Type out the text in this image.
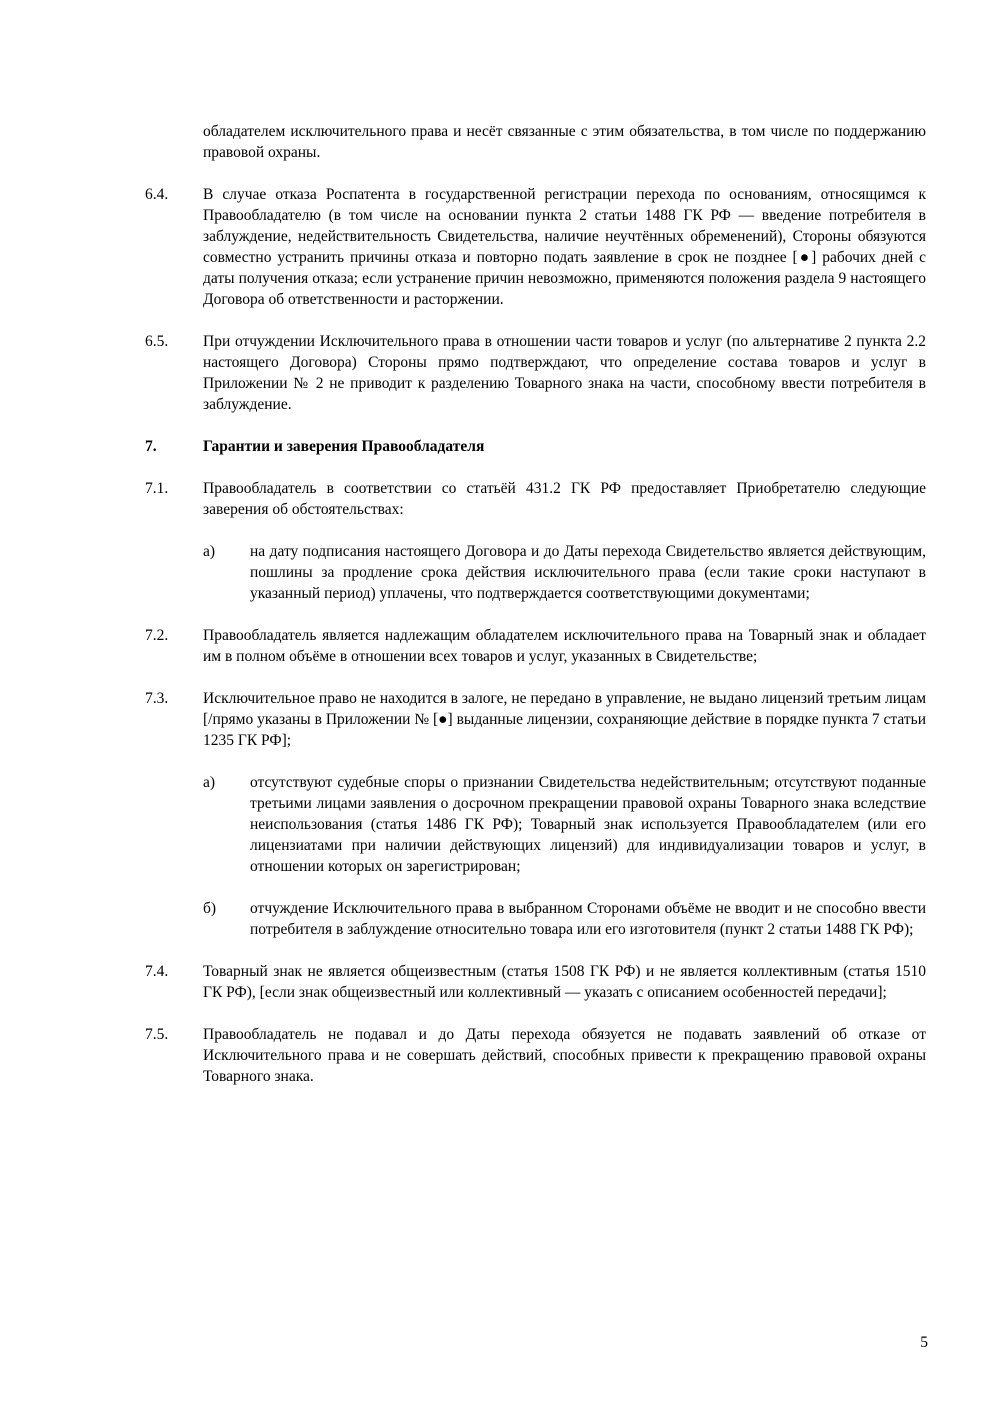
обладателем исключительного права и несёт связанные с этим обязательства, в том числе по поддержанию правовой охраны.
6.4.	В случае отказа Роспатента в государственной регистрации перехода по основаниям, относящимся к Правообладателю (в том числе на основании пункта 2 статьи 1488 ГК РФ — введение потребителя в заблуждение, недействительность Свидетельства, наличие неучтённых обременений), Стороны обязуются совместно устранить причины отказа и повторно подать заявление в срок не позднее [●] рабочих дней с даты получения отказа; если устранение причин невозможно, применяются положения раздела 9 настоящего Договора об ответственности и расторжении.
6.5.	При отчуждении Исключительного права в отношении части товаров и услуг (по альтернативе 2 пункта 2.2 настоящего Договора) Стороны прямо подтверждают, что определение состава товаров и услуг в Приложении № 2 не приводит к разделению Товарного знака на части, способному ввести потребителя в заблуждение.
7.	Гарантии и заверения Правообладателя
7.1.	Правообладатель в соответствии со статьёй 431.2 ГК РФ предоставляет Приобретателю следующие заверения об обстоятельствах:
а)	на дату подписания настоящего Договора и до Даты перехода Свидетельство является действующим, пошлины за продление срока действия исключительного права (если такие сроки наступают в указанный период) уплачены, что подтверждается соответствующими документами;
7.2.	Правообладатель является надлежащим обладателем исключительного права на Товарный знак и обладает им в полном объёме в отношении всех товаров и услуг, указанных в Свидетельстве;
7.3.	Исключительное право не находится в залоге, не передано в управление, не выдано лицензий третьим лицам [/прямо указаны в Приложении № [●] выданные лицензии, сохраняющие действие в порядке пункта 7 статьи 1235 ГК РФ];
а)	отсутствуют судебные споры о признании Свидетельства недействительным; отсутствуют поданные третьими лицами заявления о досрочном прекращении правовой охраны Товарного знака вследствие неиспользования (статья 1486 ГК РФ); Товарный знак используется Правообладателем (или его лицензиатами при наличии действующих лицензий) для индивидуализации товаров и услуг, в отношении которых он зарегистрирован;
б)	отчуждение Исключительного права в выбранном Сторонами объёме не вводит и не способно ввести потребителя в заблуждение относительно товара или его изготовителя (пункт 2 статьи 1488 ГК РФ);
7.4.	Товарный знак не является общеизвестным (статья 1508 ГК РФ) и не является коллективным (статья 1510 ГК РФ), [если знак общеизвестный или коллективный — указать с описанием особенностей передачи];
7.5.	Правообладатель не подавал и до Даты перехода обязуется не подавать заявлений об отказе от Исключительного права и не совершать действий, способных привести к прекращению правовой охраны Товарного знака.
5
